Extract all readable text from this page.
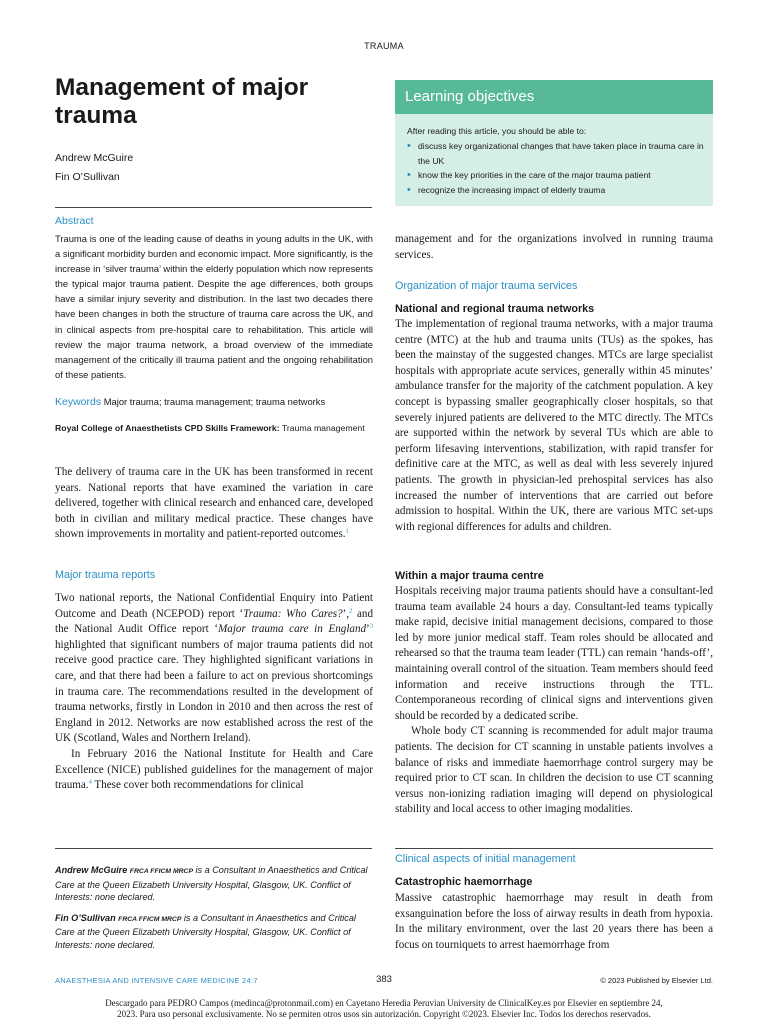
TRAUMA
Management of major trauma
Andrew McGuire
Fin O’Sullivan
Learning objectives
After reading this article, you should be able to:
• discuss key organizational changes that have taken place in trauma care in the UK
• know the key priorities in the care of the major trauma patient
• recognize the increasing impact of elderly trauma
Abstract
Trauma is one of the leading cause of deaths in young adults in the UK, with a significant morbidity burden and economic impact. More significantly, is the increase in ‘silver trauma’ within the elderly population which now represents the typical major trauma patient. Despite the age differences, both groups have a similar injury severity and distribution. In the last two decades there have been changes in both the structure of trauma care across the UK, and in clinical aspects from pre-hospital care to rehabilitation. This article will review the major trauma network, a broad overview of the immediate management of the critically ill trauma patient and the ongoing rehabilitation of these patients.
Keywords Major trauma; trauma management; trauma networks
Royal College of Anaesthetists CPD Skills Framework: Trauma management
The delivery of trauma care in the UK has been transformed in recent years. National reports that have examined the variation in care delivered, together with clinical research and enhanced care, developed both in civilian and military medical practice. These changes have shown improvements in mortality and patient-reported outcomes.$^1$
Major trauma reports

Two national reports, the National Confidential Enquiry into Patient Outcome and Death (NCEPOD) report ‘Trauma: Who Cares?’,$^2$ and the National Audit Office report ‘Major trauma care in England’$^3$ highlighted that significant numbers of major trauma patients did not receive good practice care. They highlighted significant variations in care, and that there had been a failure to act on previous shortcomings in trauma care. The recommendations resulted in the development of trauma networks, firstly in London in 2010 and then across the rest of England in 2012. Networks are now established across the rest of the UK (Scotland, Wales and Northern Ireland).

In February 2016 the National Institute for Health and Care Excellence (NICE) published guidelines for the management of major trauma.$^4$ These cover both recommendations for clinical

Andrew McGuire FRCA FFICM MRCP is a Consultant in Anaesthetics and Critical Care at the Queen Elizabeth University Hospital, Glasgow, UK. Conflict of Interests: none declared.

Fin O’Sullivan FRCA FFICM MRCP is a Consultant in Anaesthetics and Critical Care at the Queen Elizabeth University Hospital, Glasgow, UK. Conflict of Interests: none declared.

management and for the organizations involved in running trauma services.
Organization of major trauma services
National and regional trauma networks
The implementation of regional trauma networks, with a major trauma centre (MTC) at the hub and trauma units (TUs) as the spokes, has been the mainstay of the suggested changes. MTCs are large specialist hospitals with appropriate acute services, generally within 45 minutes’ ambulance transfer for the majority of the catchment population. A key concept is bypassing smaller geographically closer hospitals, so that severely injured patients are delivered to the MTC directly. The MTCs are supported within the network by several TUs which are able to perform lifesaving interventions, stabilization, with rapid transfer for definitive care at the MTC, as well as deal with less severely injured patients. The growth in physician-led prehospital services has also increased the number of interventions that are carried out before admission to hospital. Within the UK, there are various MTC set-ups with regional differences for adults and children.
Within a major trauma centre

Hospitals receiving major trauma patients should have a consultant-led trauma team available 24 hours a day. Consultant-led teams typically make rapid, decisive initial management decisions, compared to those led by more junior medical staff. Team roles should be allocated and rehearsed so that the trauma team leader (TTL) can remain ‘hands-off’, maintaining overall control of the situation. Team members should feed information and receive instructions through the TTL. Contemporaneous recording of clinical signs and interventions given should be recorded by a dedicated scribe.

Whole body CT scanning is recommended for adult major trauma patients. The decision for CT scanning in unstable patients involves a balance of risks and immediate haemorrhage control surgery may be required prior to CT scan. In children the decision to use CT scanning versus non-ionizing radiation imaging will depend on physiological stability and local access to other imaging modalities.

Clinical aspects of initial management
Catastrophic haemorrhage
Massive catastrophic haemorrhage may result in death from exsanguination before the loss of airway results in death from hypoxia. In the military environment, over the last 20 years there has been a focus on tourniquets to arrest haemorrhage from
ANAESTHESIA AND INTENSIVE CARE MEDICINE 24:7	383	© 2023 Published by Elsevier Ltd.
Descargado para PEDRO Campos (medinca@protonmail.com) en Cayetano Heredia Peruvian University de ClinicalKey.es por Elsevier en septiembre 24,
2023. Para uso personal exclusivamente. No se permiten otros usos sin autorización. Copyright ©2023. Elsevier Inc. Todos los derechos reservados.
